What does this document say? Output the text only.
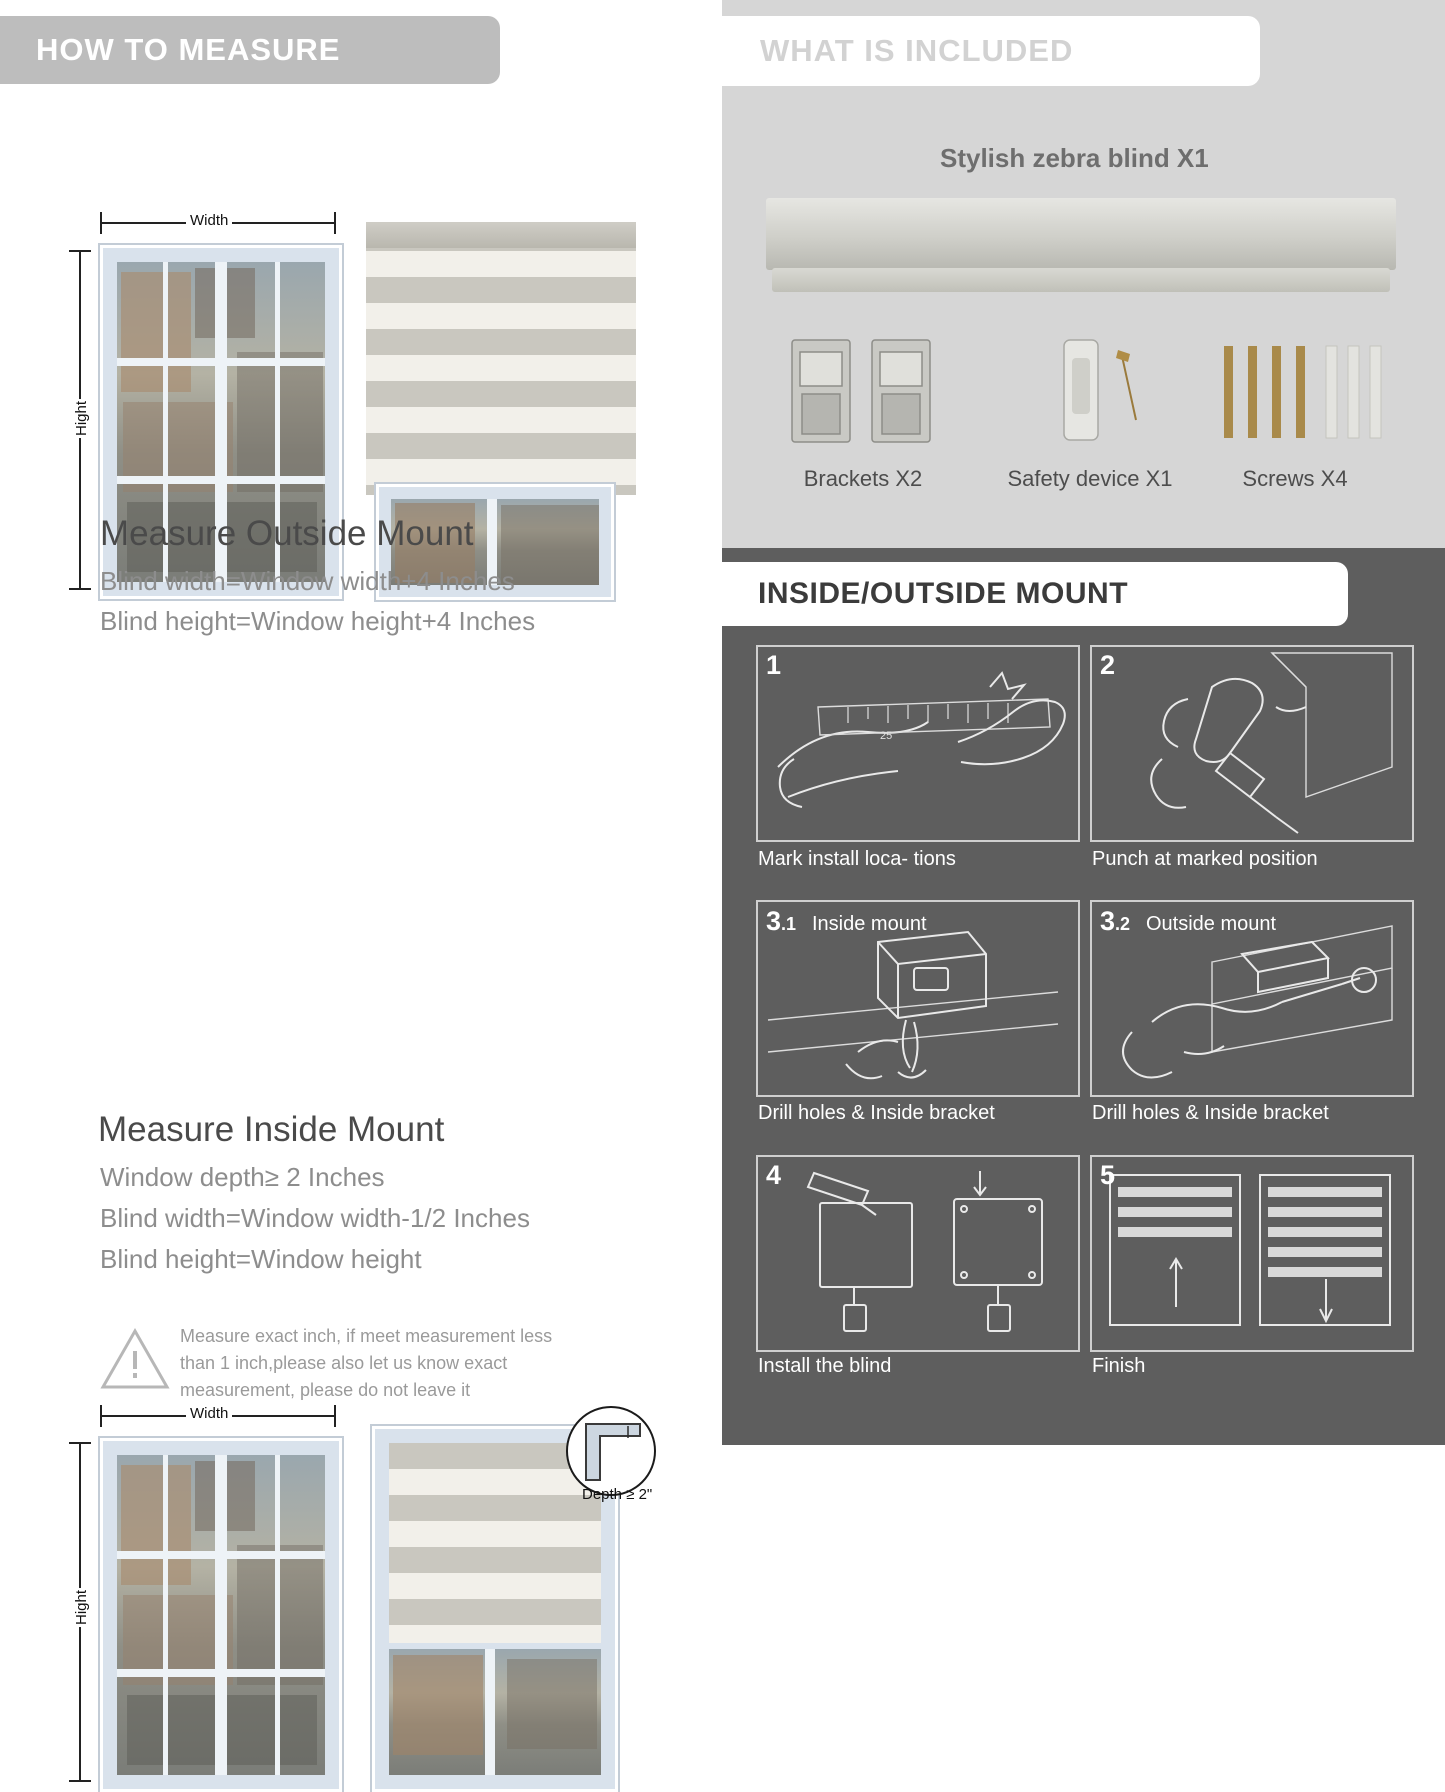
HOW TO MEASURE
Width
Hight
Measure Outside Mount
Blind width=Window width+4 Inches
Blind height=Window height+4 Inches
Width
Hight
Depth ≥ 2"
Measure Inside Mount
Window depth≥ 2 Inches
Blind width=Window width-1/2 Inches
Blind height=Window height
Measure exact inch, if meet measurement less
than 1 inch,please also let us know exact
measurement, please do not leave it
WHAT IS INCLUDED
Stylish zebra blind X1
Brackets X2	Safety device X1	Screws X4
INSIDE/OUTSIDE MOUNT
25
1
Mark install loca- tions
2
Punch at marked position
3.1 Inside mount
Drill holes & Inside bracket
3.2 Outside mount
Drill holes & Inside bracket
4
Install the blind
5
Finish
